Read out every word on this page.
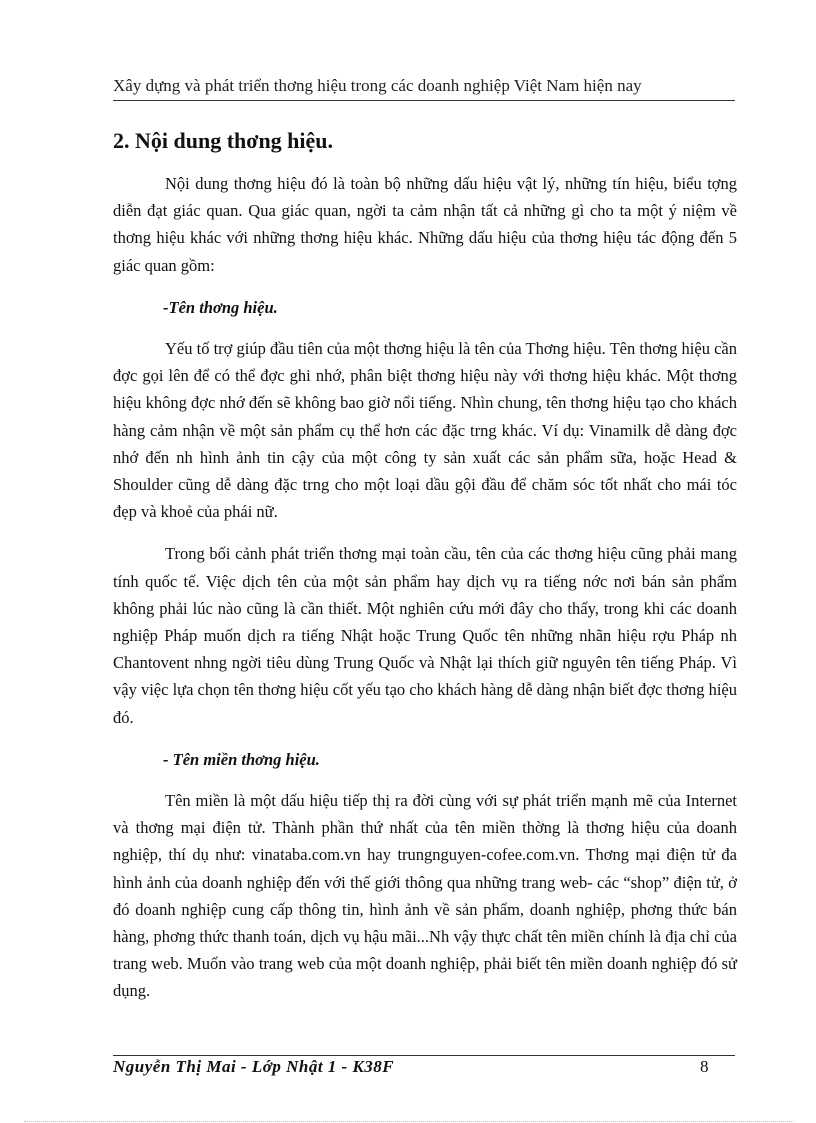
Xây dựng và phát triển thơng hiệu trong các doanh nghiệp Việt Nam hiện nay
2. Nội dung thơng hiệu.

Nội dung thơng hiệu đó là toàn bộ những dấu hiệu vật lý, những tín hiệu, biểu tợng diễn đạt giác quan. Qua giác quan, ngời ta cảm nhận tất cả những gì cho ta một ý niệm về thơng hiệu khác với những thơng hiệu khác. Những dấu hiệu của thơng hiệu tác động đến 5 giác quan gồm:

-Tên thơng hiệu.

Yếu tố trợ giúp đầu tiên của một thơng hiệu là tên của Thơng hiệu. Tên thơng hiệu cần đợc gọi lên để có thể đợc ghi nhớ, phân biệt thơng hiệu này với thơng hiệu khác. Một thơng hiệu không đợc nhớ đến sẽ không bao giờ nổi tiếng. Nhìn chung, tên thơng hiệu tạo cho khách hàng cảm nhận về một sản phẩm cụ thể hơn các đặc trng khác. Ví dụ: Vinamilk dễ dàng đợc nhớ đến nh hình ảnh tin cậy của một công ty sản xuất các sản phẩm sữa, hoặc Head & Shoulder cũng dễ dàng đặc trng cho một loại dầu gội đầu để chăm sóc tốt nhất cho mái tóc đẹp và khoẻ của phái nữ.

Trong bối cảnh phát triển thơng mại toàn cầu, tên của các thơng hiệu cũng phải mang tính quốc tế. Việc dịch tên của một sản phẩm hay dịch vụ ra tiếng nớc nơi bán sản phẩm không phải lúc nào cũng là cần thiết. Một nghiên cứu mới đây cho thấy, trong khi các doanh nghiệp Pháp muốn dịch ra tiếng Nhật hoặc Trung Quốc tên những nhãn hiệu rợu Pháp nh Chantovent nhng ngời tiêu dùng Trung Quốc và Nhật lại thích giữ nguyên tên tiếng Pháp. Vì vậy việc lựa chọn tên thơng hiệu cốt yếu tạo cho khách hàng dễ dàng nhận biết đợc thơng hiệu đó.

- Tên miền thơng hiệu.

Tên miền là một dấu hiệu tiếp thị ra đời cùng với sự phát triển mạnh mẽ của Internet và thơng mại điện tử. Thành phần thứ nhất của tên miền thờng là thơng hiệu của doanh nghiệp, thí dụ như: vinataba.com.vn hay trungnguyen-cofee.com.vn. Thơng mại điện tử đa hình ảnh của doanh nghiệp đến với thế giới thông qua những trang web- các “shop” điện tử, ở đó doanh nghiệp cung cấp thông tin, hình ảnh về sản phẩm, doanh nghiệp, phơng thức bán hàng, phơng thức thanh toán, dịch vụ hậu mãi...Nh vậy thực chất tên miền chính là địa chỉ của trang web. Muốn vào trang web của một doanh nghiệp, phải biết tên miền doanh nghiệp đó sử dụng.

Nguyễn Thị Mai - Lớp Nhật 1 - K38F	8
